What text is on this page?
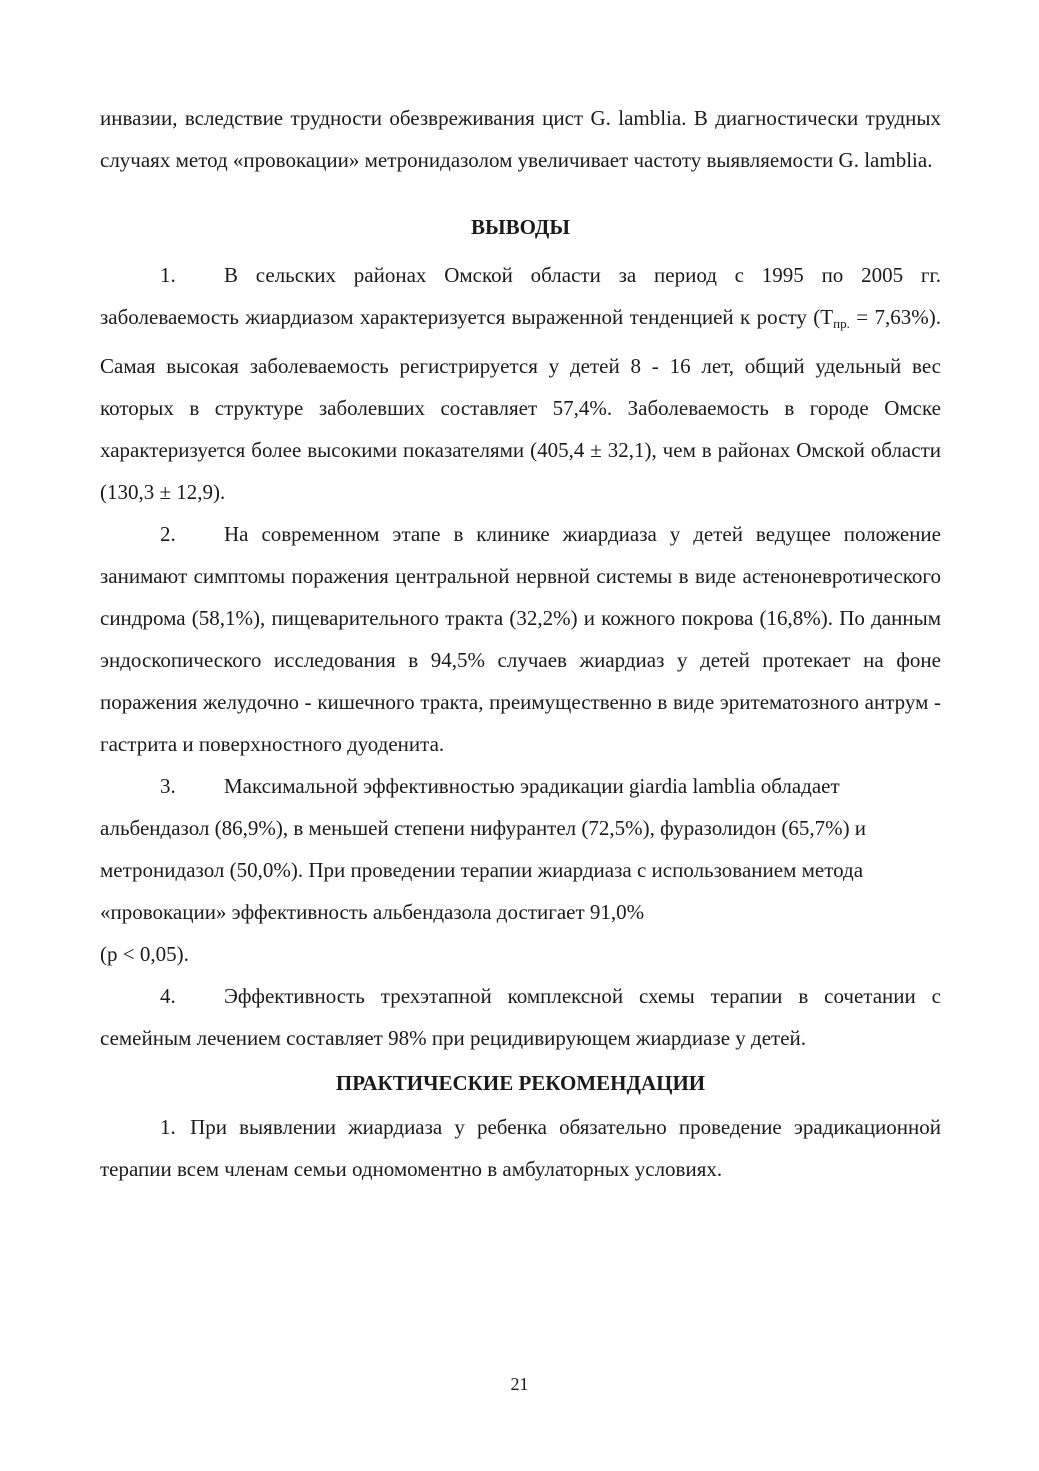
инвазии, вследствие трудности обезвреживания цист G. lamblia. В диагностически трудных случаях метод «провокации» метронидазолом увеличивает частоту выявляемости G. lamblia.

ВЫВОДЫ

1. В сельских районах Омской области за период с 1995 по 2005 гг. заболеваемость жиардиазом характеризуется выраженной тенденцией к росту $(Т_{пр.} = 7,63\%)$. Самая высокая заболеваемость регистрируется у детей 8 - 16 лет, общий удельный вес которых в структуре заболевших составляет 57,4%. Заболеваемость в городе Омске характеризуется более высокими показателями (405,4 ± 32,1), чем в районах Омской области (130,3 ± 12,9).

2. На современном этапе в клинике жиардиаза у детей ведущее положение занимают симптомы поражения центральной нервной системы в виде астеноневротического синдрома (58,1%), пищеварительного тракта (32,2%) и кожного покрова (16,8%). По данным эндоскопического исследования в 94,5% случаев жиардиаз у детей протекает на фоне поражения желудочно - кишечного тракта, преимущественно в виде эритематозного антрум - гастрита и поверхностного дуоденита.

3. Максимальной эффективностью эрадикации giardia lamblia обладает альбендазол (86,9%), в меньшей степени нифурантел (72,5%), фуразолидон (65,7%) и метронидазол (50,0%). При проведении терапии жиардиаза с использованием метода «провокации» эффективность альбендазола достигает 91,0%

(р < 0,05).

4. Эффективность трехэтапной комплексной схемы терапии в сочетании с семейным лечением составляет 98% при рецидивирующем жиардиазе у детей.

ПРАКТИЧЕСКИЕ РЕКОМЕНДАЦИИ

1. При выявлении жиардиаза у ребенка обязательно проведение эрадикационной терапии всем членам семьи одномоментно в амбулаторных условиях.

21
